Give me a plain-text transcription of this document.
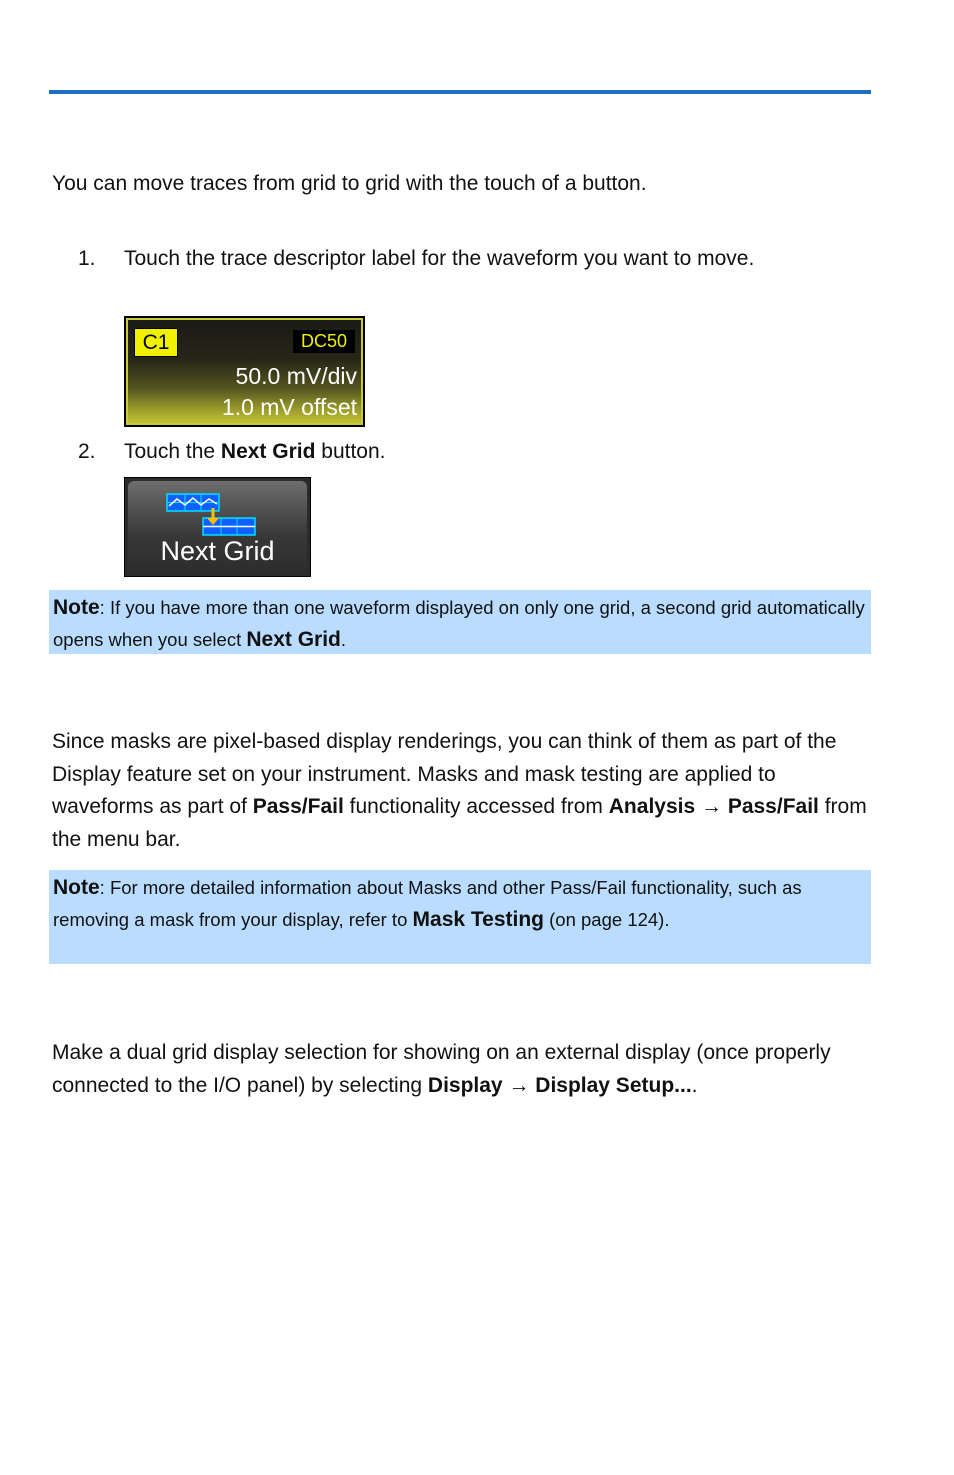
You can move traces from grid to grid with the touch of a button.

1.	Touch the trace descriptor label for the waveform you want to move.
C1	DC50
50.0 mV/div
1.0 mV offset
2.	Touch the Next Grid button.
Next Grid
Note: If you have more than one waveform displayed on only one grid, a second grid automatically opens when you select Next Grid.

Since masks are pixel-based display renderings, you can think of them as part of the Display feature set on your instrument. Masks and mask testing are applied to waveforms as part of Pass/Fail functionality accessed from Analysis → Pass/Fail from the menu bar.

Note: For more detailed information about Masks and other Pass/Fail functionality, such as removing a mask from your display, refer to Mask Testing (on page 124).

Make a dual grid display selection for showing on an external display (once properly connected to the I/O panel) by selecting Display → Display Setup....
